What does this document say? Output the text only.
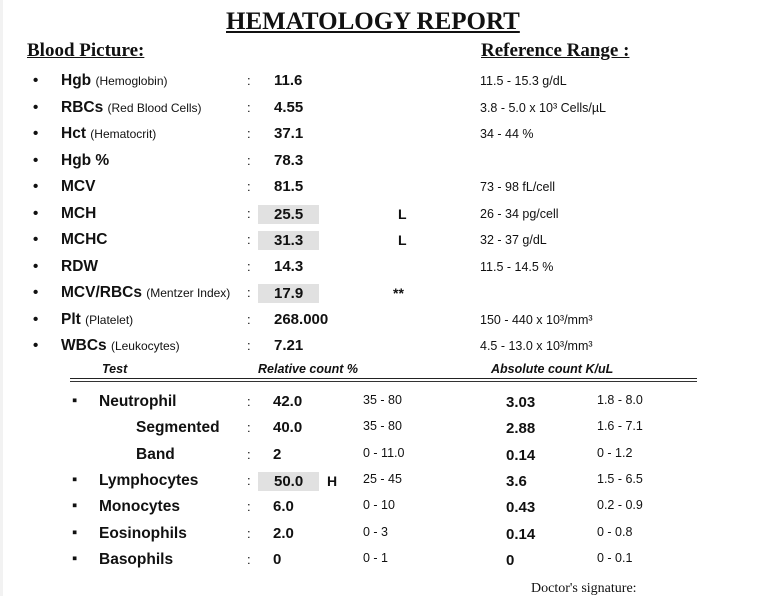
HEMATOLOGY REPORT
Blood Picture:	Reference Range :
• Hgb (Hemoglobin)	: 11.6	11.5 - 15.3 g/dL
• RBCs (Red Blood Cells)	: 4.55	3.8 - 5.0 x 10³ Cells/µL
• Hct (Hematocrit)	: 37.1	34 - 44 %
• Hgb %	: 78.3
• MCV	: 81.5	73 - 98 fL/cell
• MCH	:	25.5	L	26 - 34 pg/cell
• MCHC	:	31.3	L	32 - 37 g/dL
• RDW	: 14.3	11.5 - 14.5 %
• MCV/RBCs (Mentzer Index) :	17.9	**
• Plt (Platelet)	: 268.000	150 - 440 x 10³/mm³
• WBCs (Leukocytes)	: 7.21	4.5 - 13.0 x 10³/mm³
Test	Relative count %	Absolute count K/uL
▪ Neutrophil	: 42.0	35 - 80	3.03	1.8 - 8.0
Segmented : 40.0	35 - 80	2.88	1.6 - 7.1
Band	: 2	0 - 11.0	0.14	0 - 1.2
▪ Lymphocytes	:	50.0	H 25 - 45	3.6	1.5 - 6.5
▪ Monocytes	: 6.0	0 - 10	0.43	0.2 - 0.9
▪ Eosinophils	: 2.0	0 - 3	0.14	0 - 0.8
▪ Basophils	: 0	0 - 1	0	0 - 0.1
Doctor's signature:
